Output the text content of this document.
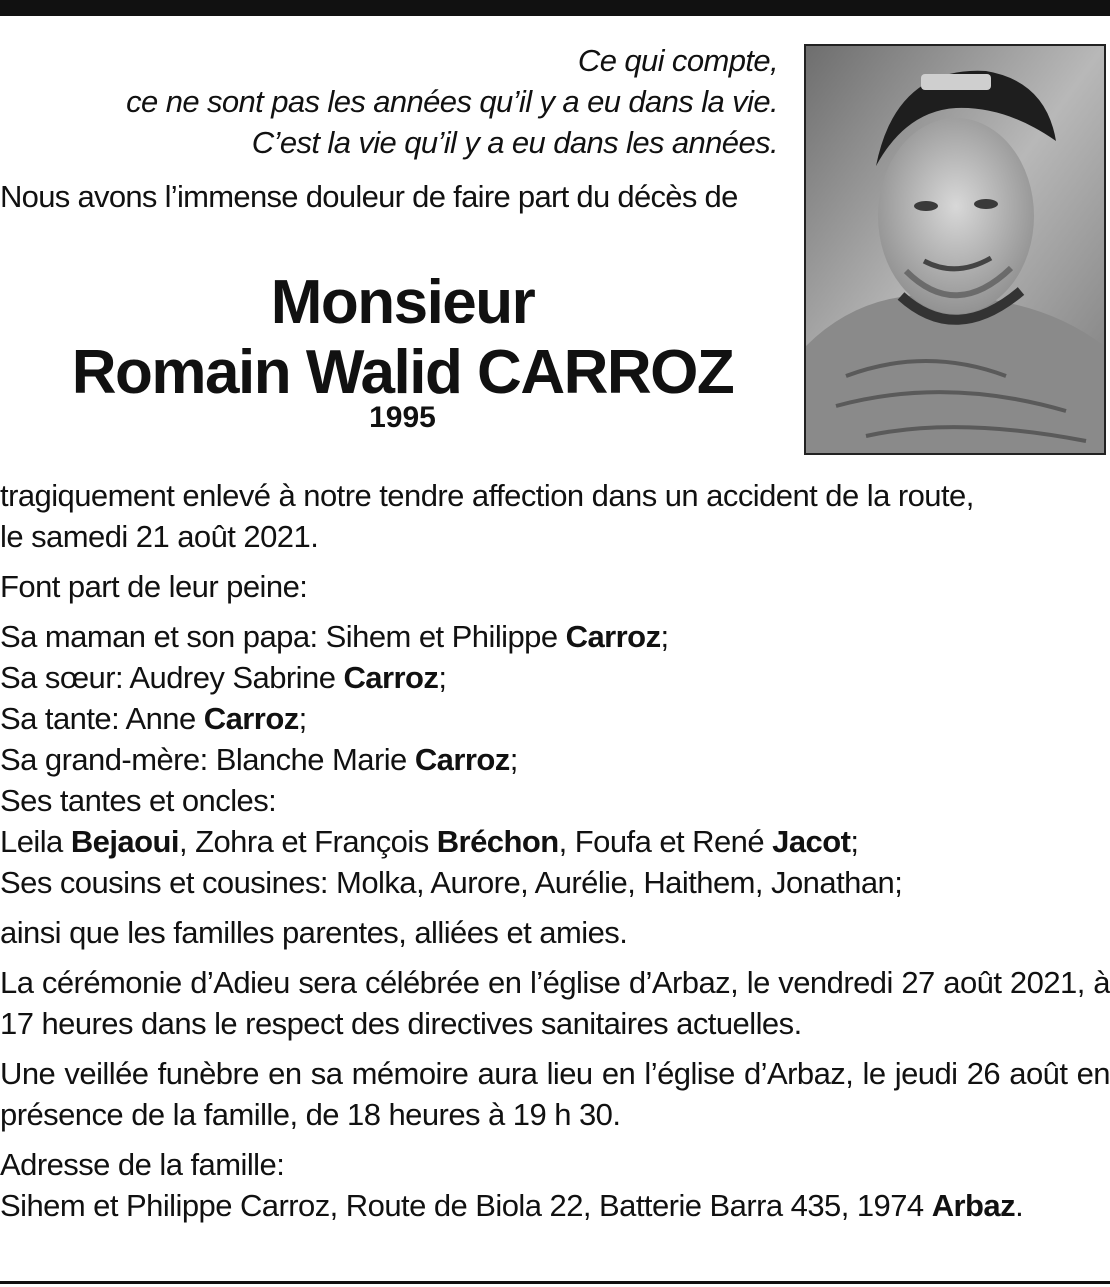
Ce qui compte,
ce ne sont pas les années qu’il y a eu dans la vie.
C’est la vie qu’il y a eu dans les années.
Nous avons l’immense douleur de faire part du décès de
Monsieur
Romain Walid CARROZ
1995

tragiquement enlevé à notre tendre affection dans un accident de la route,
le samedi 21 août 2021.

Font part de leur peine:

Sa maman et son papa: Sihem et Philippe Carroz;
Sa sœur: Audrey Sabrine Carroz;
Sa tante: Anne Carroz;
Sa grand-mère: Blanche Marie Carroz;
Ses tantes et oncles:
Leila Bejaoui, Zohra et François Bréchon, Foufa et René Jacot;
Ses cousins et cousines: Molka, Aurore, Aurélie, Haithem, Jonathan;

ainsi que les familles parentes, alliées et amies.

La cérémonie d’Adieu sera célébrée en l’église d’Arbaz, le vendredi 27 août 2021, à 17 heures dans le respect des directives sanitaires actuelles.

Une veillée funèbre en sa mémoire aura lieu en l’église d’Arbaz, le jeudi 26 août en présence de la famille, de 18 heures à 19 h 30.

Adresse de la famille:
Sihem et Philippe Carroz, Route de Biola 22, Batterie Barra 435, 1974 Arbaz.
